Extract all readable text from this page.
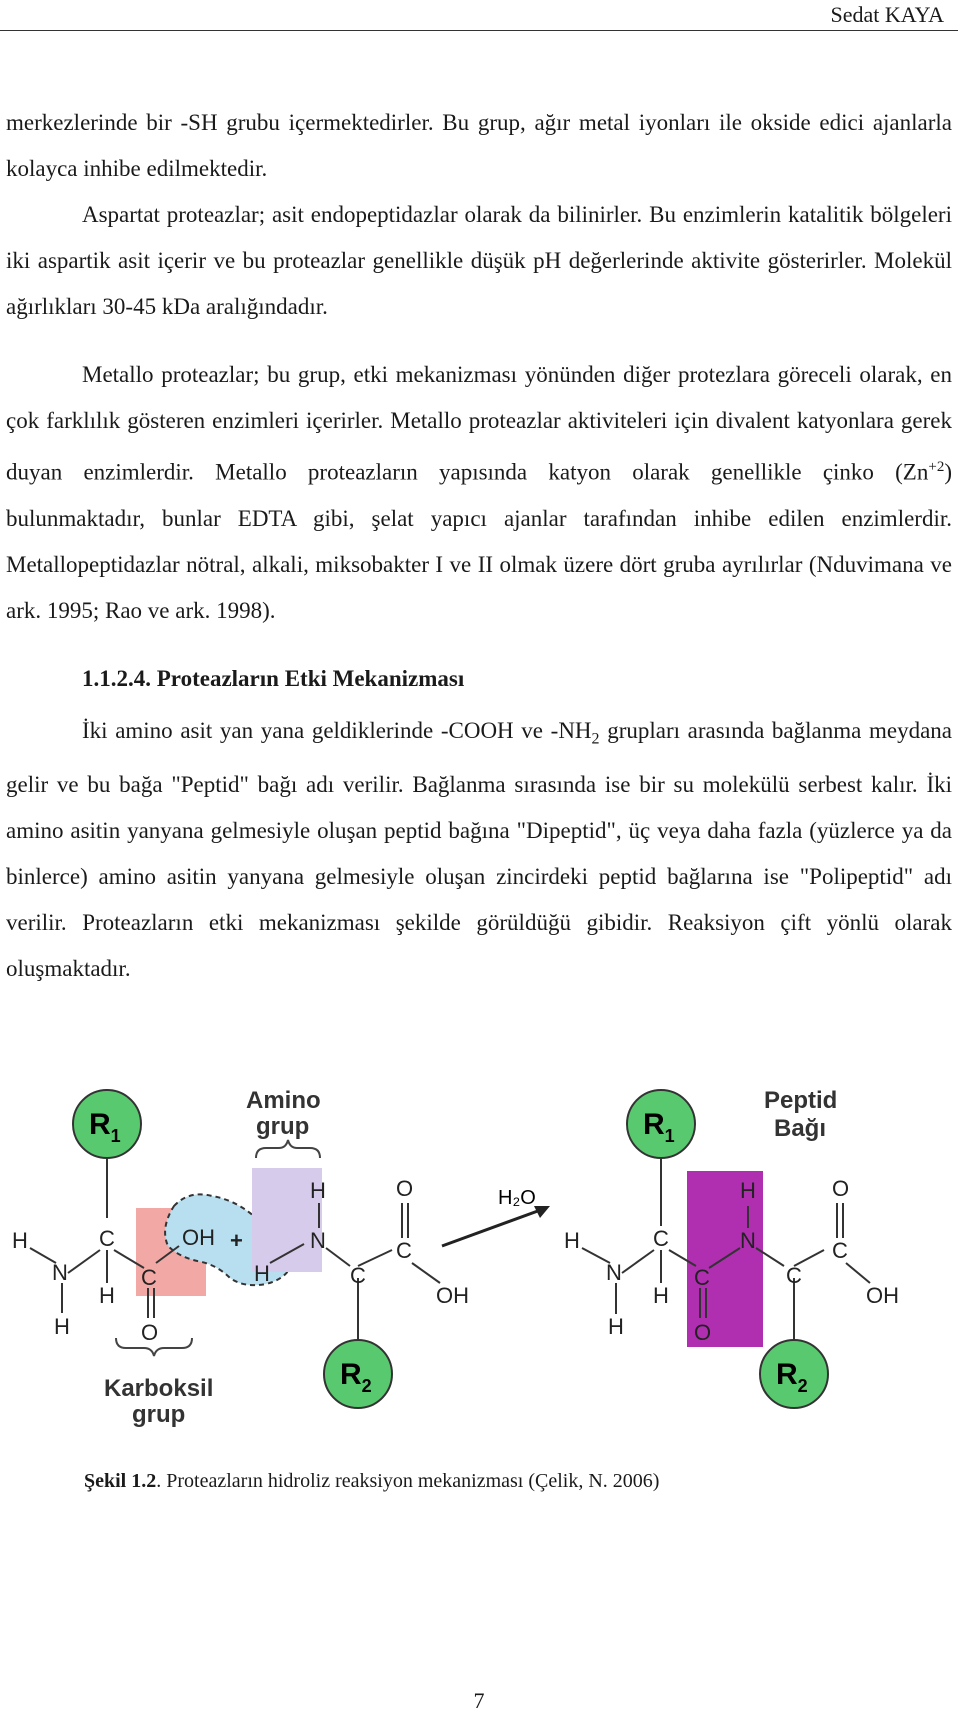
Sedat KAYA

merkezlerinde bir -SH grubu içermektedirler. Bu grup, ağır metal iyonları ile okside edici ajanlarla kolayca inhibe edilmektedir.

Aspartat proteazlar; asit endopeptidazlar olarak da bilinirler. Bu enzimlerin katalitik bölgeleri iki aspartik asit içerir ve bu proteazlar genellikle düşük pH değerlerinde aktivite gösterirler. Molekül ağırlıkları 30-45 kDa aralığındadır.

Metallo proteazlar; bu grup, etki mekanizması yönünden diğer protezlara göreceli olarak, en çok farklılık gösteren enzimleri içerirler. Metallo proteazlar aktiviteleri için divalent katyonlara gerek duyan enzimlerdir. Metallo proteazların yapısında katyon olarak genellikle çinko $(Zn^{+2})$ bulunmaktadır, bunlar EDTA gibi, şelat yapıcı ajanlar tarafından inhibe edilen enzimlerdir. Metallopeptidazlar nötral, alkali, miksobakter I ve II olmak üzere dört gruba ayrılırlar (Nduvimana ve ark. 1995; Rao ve ark. 1998).

1.1.2.4. Proteazların Etki Mekanizması

İki amino asit yan yana geldiklerinde -COOH ve $-NH_2$ grupları arasında bağlanma meydana gelir ve bu bağa "Peptid" bağı adı verilir. Bağlanma sırasında ise bir su molekülü serbest kalır. İki amino asitin yanyana gelmesiyle oluşan peptid bağına "Dipeptid", üç veya daha fazla (yüzlerce ya da binlerce) amino asitin yanyana gelmesiyle oluşan zincirdeki peptid bağlarına ise "Polipeptid" adı verilir. Proteazların etki mekanizması şekilde görüldüğü gibidir. Reaksiyon çift yönlü olarak oluşmaktadır.

$R_1$
$R_2$
$R_1$
$R_2$
Amino
grup
Karboksil
grup
Peptid
Bağı
H₂O
H
N
H
C
H
C
O
OH +
H
H
N
C
O
C
OH
H
N
H
C
H
C
O
H
N
C
O
C
OH
Şekil 1.2. Proteazların hidroliz reaksiyon mekanizması (Çelik, N. 2006)
7
